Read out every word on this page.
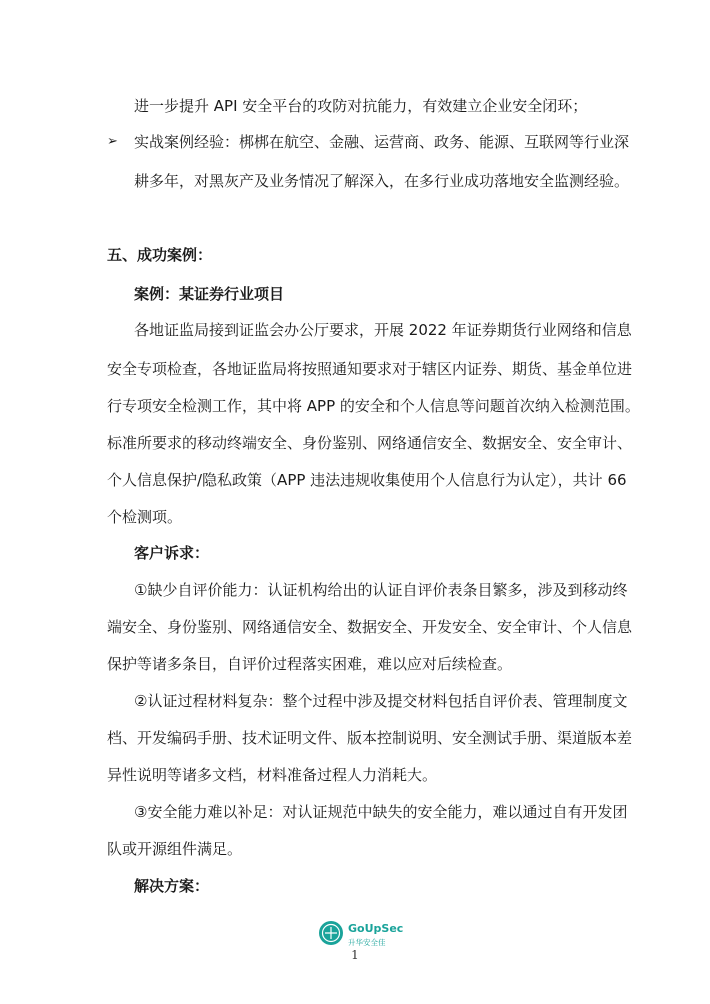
进一步提升 API 安全平台的攻防对抗能力，有效建立企业安全闭环；
➢ 实战案例经验：梆梆在航空、金融、运营商、政务、能源、互联网等行业深
耕多年，对黑灰产及业务情况了解深入，在多行业成功落地安全监测经验。
五、成功案例：
案例：某证券行业项目
各地证监局接到证监会办公厅要求，开展 2022 年证券期货行业网络和信息
安全专项检查，各地证监局将按照通知要求对于辖区内证券、期货、基金单位进
行专项安全检测工作，其中将 APP 的安全和个人信息等问题首次纳入检测范围。
标准所要求的移动终端安全、身份鉴别、网络通信安全、数据安全、安全审计、
个人信息保护/隐私政策（APP 违法违规收集使用个人信息行为认定），共计 66
个检测项。
客户诉求：
①缺少自评价能力：认证机构给出的认证自评价表条目繁多，涉及到移动终
端安全、身份鉴别、网络通信安全、数据安全、开发安全、安全审计、个人信息
保护等诸多条目，自评价过程落实困难，难以应对后续检查。
②认证过程材料复杂：整个过程中涉及提交材料包括自评价表、管理制度文
档、开发编码手册、技术证明文件、版本控制说明、安全测试手册、渠道版本差
异性说明等诸多文档，材料准备过程人力消耗大。
③安全能力难以补足：对认证规范中缺失的安全能力，难以通过自有开发团
队或开源组件满足。
解决方案：
GoUpSec
升华安全佳
1
